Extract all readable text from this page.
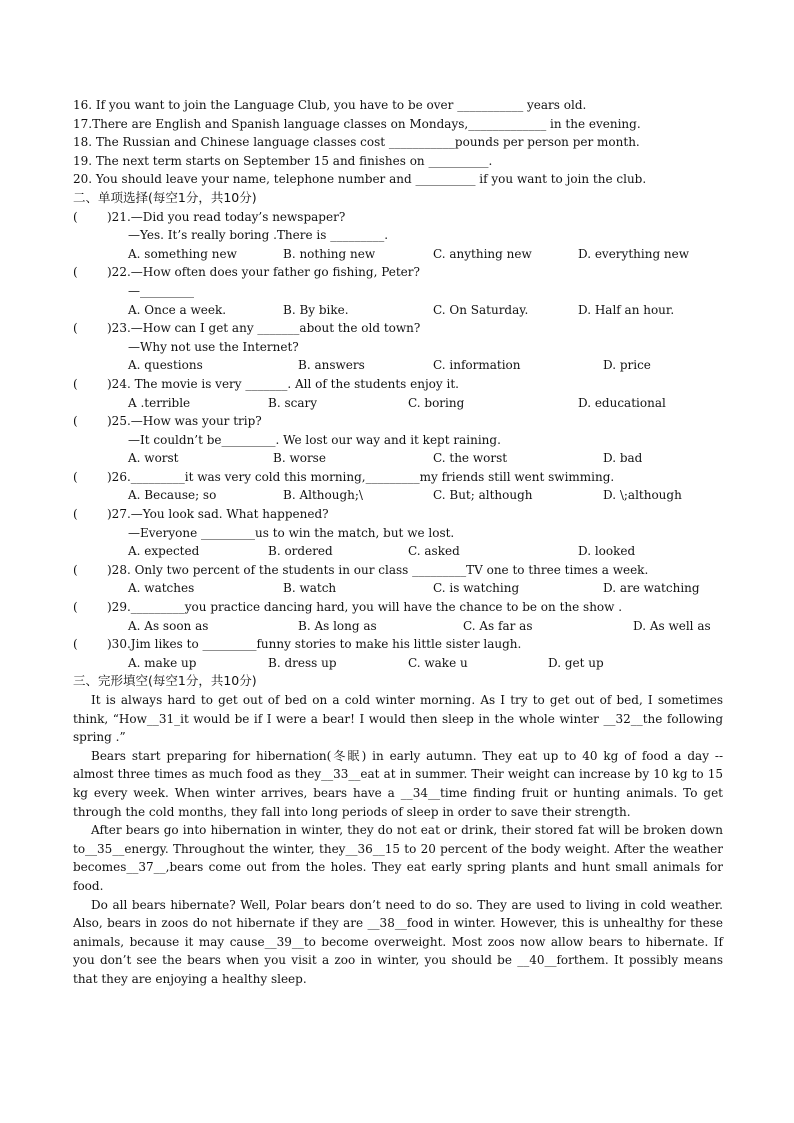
16. If you want to join the Language Club, you have to be over ___________ years old.
17.There are English and Spanish language classes on Mondays,_____________ in the evening.
18. The Russian and Chinese language classes cost ___________pounds per person per month.
19. The next term starts on September 15 and finishes on __________.
20. You should leave your name, telephone number and __________ if you want to join the club.
二、单项选择(每空1分，共10分)
( )21.—Did you read today’s newspaper?
—Yes. It’s really boring .There is _________.
A. something new	B. nothing new	C. anything new	D. everything new
( )22.—How often does your father go fishing, Peter?
—_________
A. Once a week.	B. By bike.	C. On Saturday.	D. Half an hour.
( )23.—How can I get any _______about the old town?
—Why not use the Internet?
A. questions	B. answers	C. information	D. price
( )24. The movie is very _______. All of the students enjoy it.
A .terrible	B. scary	C. boring	D. educational
( )25.—How was your trip?
—It couldn’t be_________. We lost our way and it kept raining.
A. worst	B. worse	C. the worst	D. bad
( )26._________it was very cold this morning,_________my friends still went swimming.
A. Because; so	B. Although;\	C. But; although	D. \;although
( )27.—You look sad. What happened?
—Everyone _________us to win the match, but we lost.
A. expected	B. ordered	C. asked	D. looked
( )28. Only two percent of the students in our class _________TV one to three times a week.
A. watches	B. watch	C. is watching	D. are watching
( )29._________you practice dancing hard, you will have the chance to be on the show .
A. As soon as	B. As long as	C. As far as	D. As well as
( )30.Jim likes to _________funny stories to make his little sister laugh.
A. make up	B. dress up	C. wake u	D. get up
三、完形填空(每空1分，共10分)
It is always hard to get out of bed on a cold winter morning. As I try to get out of bed, I sometimes think, “How__31_it would be if I were a bear! I would then sleep in the whole winter __32__the following spring .”
Bears start preparing for hibernation(冬眠) in early autumn. They eat up to 40 kg of food a day -- almost three times as much food as they__33__eat at in summer. Their weight can increase by 10 kg to 15 kg every week. When winter arrives, bears have a __34__time finding fruit or hunting animals. To get through the cold months, they fall into long periods of sleep in order to save their strength.
After bears go into hibernation in winter, they do not eat or drink, their stored fat will be broken down to__35__energy. Throughout the winter, they__36__15 to 20 percent of the body weight. After the weather becomes__37__,bears come out from the holes. They eat early spring plants and hunt small animals for food.
Do all bears hibernate? Well, Polar bears don’t need to do so. They are used to living in cold weather. Also, bears in zoos do not hibernate if they are __38__food in winter. However, this is unhealthy for these animals, because it may cause__39__to become overweight. Most zoos now allow bears to hibernate. If you don’t see the bears when you visit a zoo in winter, you should be __40__forthem. It possibly means that they are enjoying a healthy sleep.
